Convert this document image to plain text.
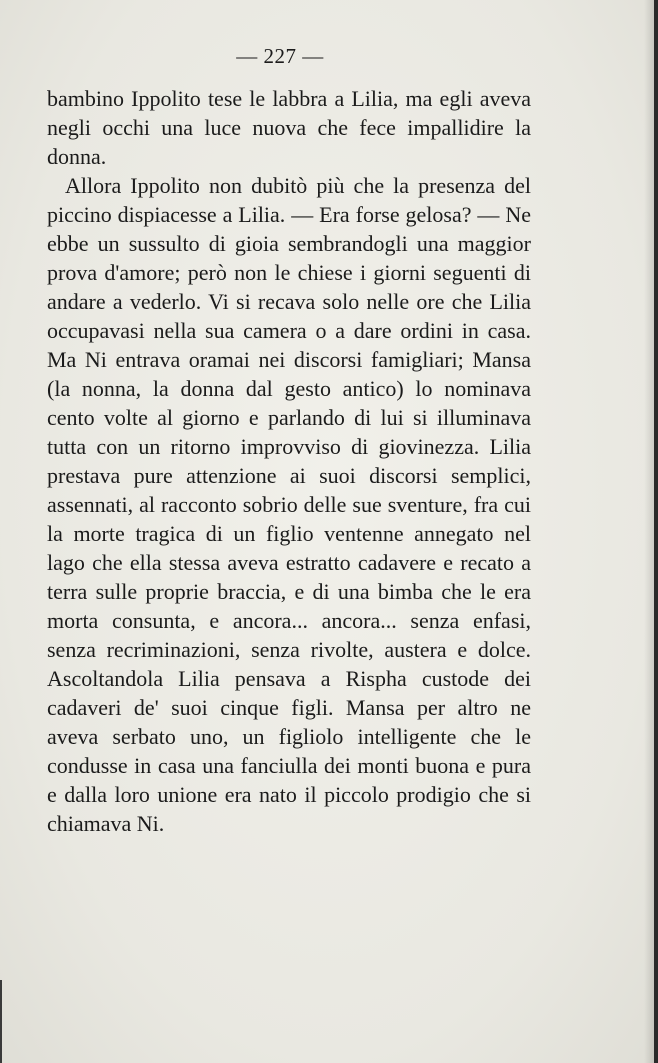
— 227 —

bambino Ippolito tese le labbra a Lilia, ma egli aveva negli occhi una luce nuova che fece impallidire la donna.

Allora Ippolito non dubitò più che la presenza del piccino dispiacesse a Lilia. — Era forse gelosa? — Ne ebbe un sussulto di gioia sembrandogli una maggior prova d'amore; però non le chiese i giorni seguenti di andare a vederlo. Vi si recava solo nelle ore che Lilia occupavasi nella sua camera o a dare ordini in casa. Ma Ni entrava oramai nei discorsi famigliari; Mansa (la nonna, la donna dal gesto antico) lo nominava cento volte al giorno e parlando di lui si illuminava tutta con un ritorno improvviso di giovinezza. Lilia prestava pure attenzione ai suoi discorsi semplici, assennati, al racconto sobrio delle sue sventure, fra cui la morte tragica di un figlio ventenne annegato nel lago che ella stessa aveva estratto cadavere e recato a terra sulle proprie braccia, e di una bimba che le era morta consunta, e ancora... ancora... senza enfasi, senza recriminazioni, senza rivolte, austera e dolce. Ascoltandola Lilia pensava a Rispha custode dei cadaveri de' suoi cinque figli. Mansa per altro ne aveva serbato uno, un figliolo intelligente che le condusse in casa una fanciulla dei monti buona e pura e dalla loro unione era nato il piccolo prodigio che si chiamava Ni.
